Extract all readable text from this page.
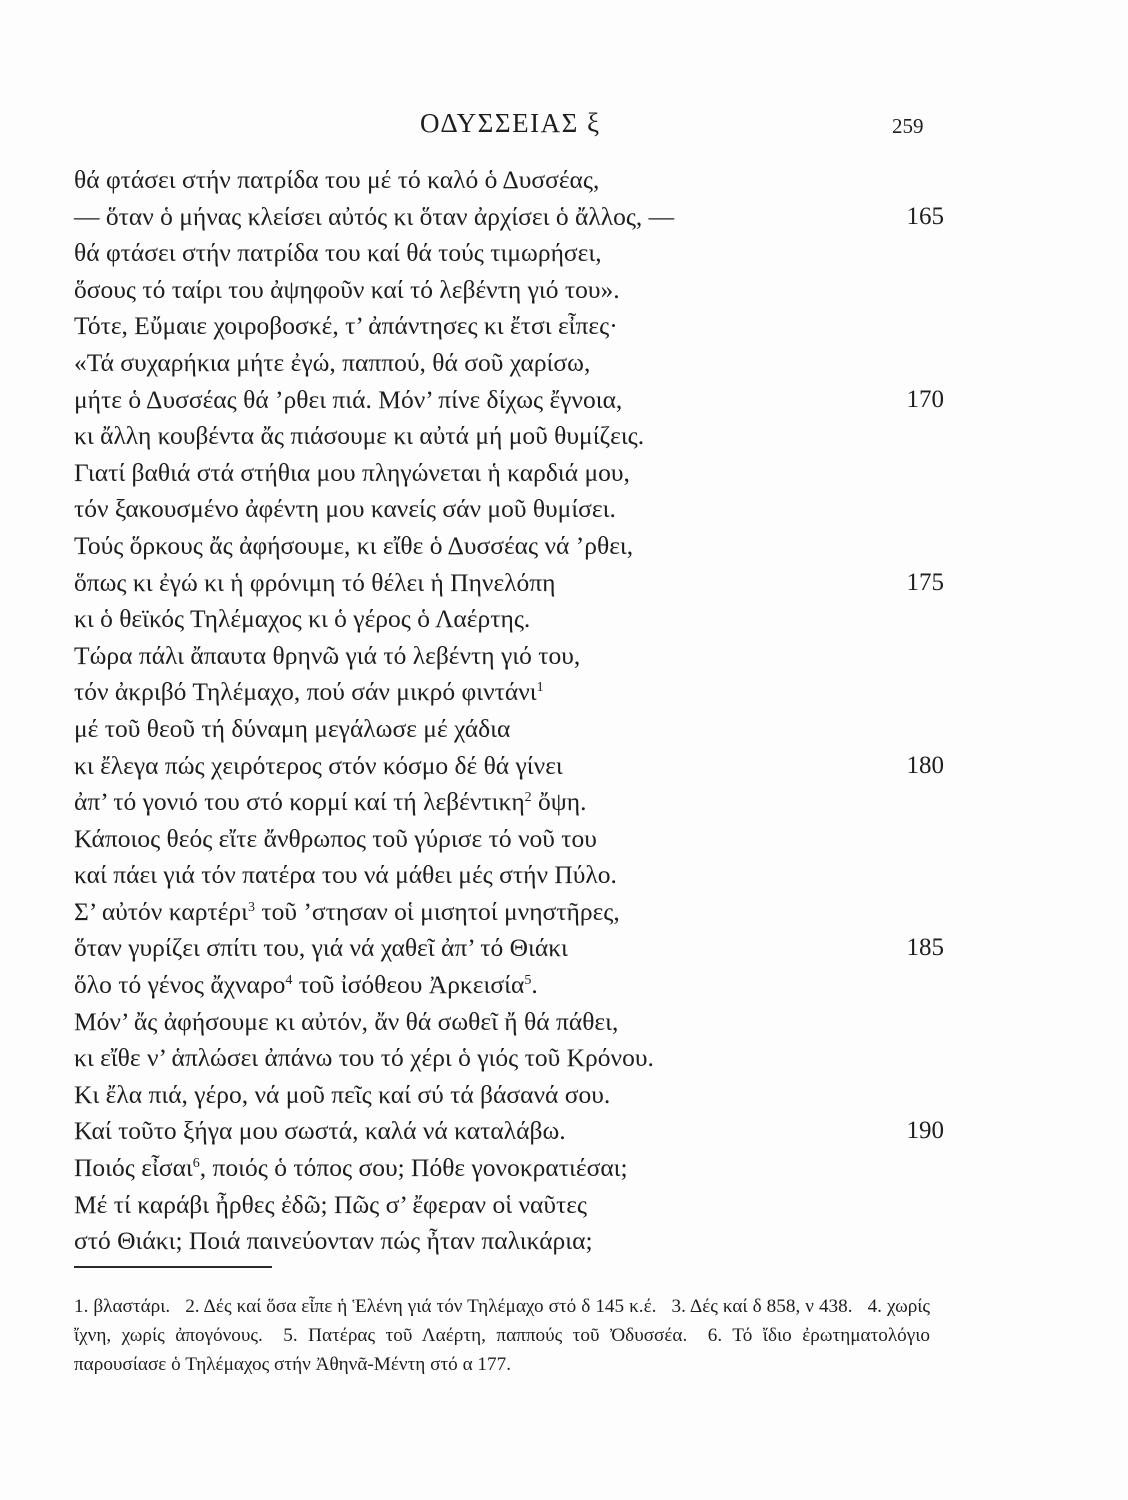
ΟΔΥΣΣΕΙΑΣ ξ	259
θά φτάσει στήν πατρίδα του μέ τό καλό ὁ Δυσσέας,
— ὅταν ὁ μήνας κλείσει αὐτός κι ὅταν ἀρχίσει ὁ ἄλλος, —	165
θά φτάσει στήν πατρίδα του καί θά τούς τιμωρήσει,
ὅσους τό ταίρι του ἀψηφοῦν καί τό λεβέντη γιό του».
Τότε, Εὔμαιε χοιροβοσκέ, τ’ ἀπάντησες κι ἔτσι εἶπες·
«Τά συχαρήκια μήτε ἐγώ, παππού, θά σοῦ χαρίσω,
μήτε ὁ Δυσσέας θά ’ρθει πιά. Μόν’ πίνε δίχως ἔγνοια,	170
κι ἄλλη κουβέντα ἄς πιάσουμε κι αὐτά μή μοῦ θυμίζεις.
Γιατί βαθιά στά στήθια μου πληγώνεται ἡ καρδιά μου,
τόν ξακουσμένο ἀφέντη μου κανείς σάν μοῦ θυμίσει.
Τούς ὅρκους ἄς ἀφήσουμε, κι εἴθε ὁ Δυσσέας νά ’ρθει,
ὅπως κι ἐγώ κι ἡ φρόνιμη τό θέλει ἡ Πηνελόπη	175
κι ὁ θεϊκός Τηλέμαχος κι ὁ γέρος ὁ Λαέρτης.
Τώρα πάλι ἄπαυτα θρηνῶ γιά τό λεβέντη γιό του,
τόν ἀκριβό Τηλέμαχο, πού σάν μικρό φιντάνι$^1$
μέ τοῦ θεοῦ τή δύναμη μεγάλωσε μέ χάδια
κι ἔλεγα πώς χειρότερος στόν κόσμο δέ θά γίνει	180
ἀπ’ τό γονιό του στό κορμί καί τή λεβέντικη$^2$ ὄψη.
Κάποιος θεός εἴτε ἄνθρωπος τοῦ γύρισε τό νοῦ του
καί πάει γιά τόν πατέρα του νά μάθει μές στήν Πύλο.
Σ’ αὐτόν καρτέρι$^3$ τοῦ ’στησαν οἱ μισητοί μνηστῆρες,
ὅταν γυρίζει σπίτι του, γιά νά χαθεῖ ἀπ’ τό Θιάκι	185
ὅλο τό γένος ἄχναρο$^4$ τοῦ ἰσόθεου Ἀρκεισία$^5$.
Μόν’ ἄς ἀφήσουμε κι αὐτόν, ἄν θά σωθεῖ ἤ θά πάθει,
κι εἴθε ν’ ἁπλώσει ἀπάνω του τό χέρι ὁ γιός τοῦ Κρόνου.
Κι ἔλα πιά, γέρο, νά μοῦ πεῖς καί σύ τά βάσανά σου.
Καί τοῦτο ξήγα μου σωστά, καλά νά καταλάβω.	190
Ποιός εἶσαι$^6$, ποιός ὁ τόπος σου; Πόθε γονοκρατιέσαι;
Μέ τί καράβι ἦρθες ἐδῶ; Πῶς σ’ ἔφεραν οἱ ναῦτες
στό Θιάκι; Ποιά παινεύονταν πώς ἦταν παλικάρια;
1. βλαστάρι. 2. Δές καί ὅσα εἶπε ἡ Ἑλένη γιά τόν Τηλέμαχο στό δ 145 κ.έ. 3. Δές καί δ 858, ν 438. 4. χωρίς ἴχνη, χωρίς ἀπογόνους. 5. Πατέρας τοῦ Λαέρτη, παππούς τοῦ Ὀδυσσέα. 6. Τό ἴδιο ἐρωτηματολόγιο παρουσίασε ὁ Τηλέμαχος στήν Ἀθηνᾶ-Μέντη στό α 177.
